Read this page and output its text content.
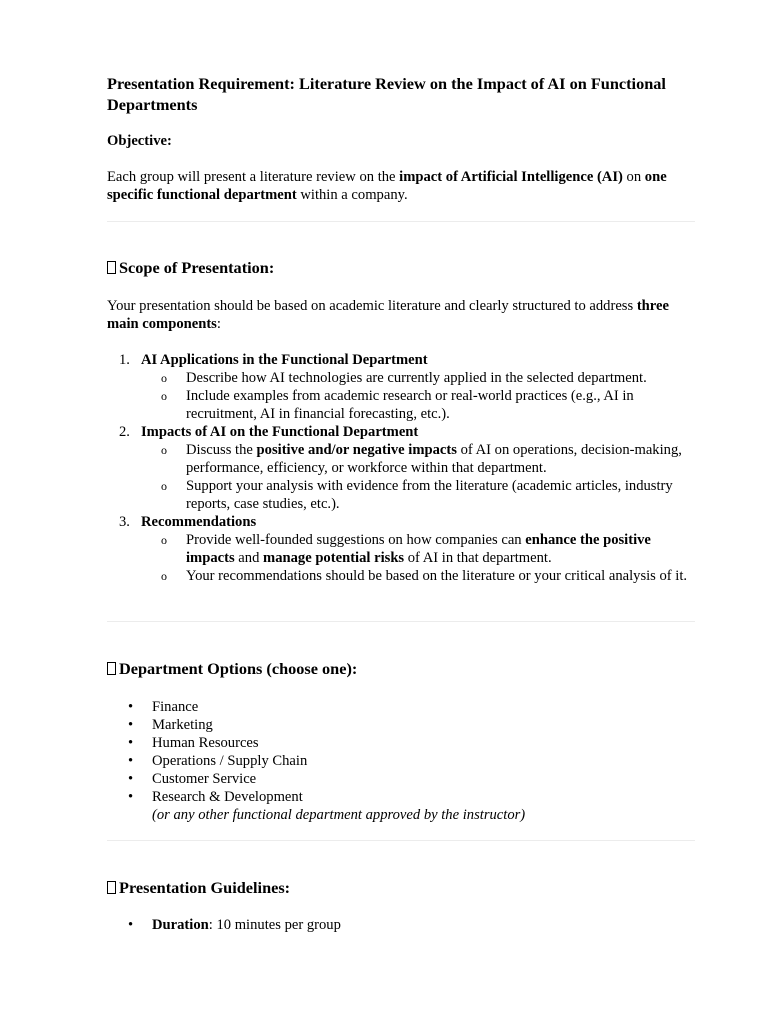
Presentation Requirement: Literature Review on the Impact of AI on Functional Departments

Objective:

Each group will present a literature review on the impact of Artificial Intelligence (AI) on one specific functional department within a company.

Scope of Presentation:

Your presentation should be based on academic literature and clearly structured to address three main components:

1. AI Applications in the Functional Department
o Describe how AI technologies are currently applied in the selected department.
o Include examples from academic research or real-world practices (e.g., AI in recruitment, AI in financial forecasting, etc.).
2. Impacts of AI on the Functional Department
o Discuss the positive and/or negative impacts of AI on operations, decision-making, performance, efficiency, or workforce within that department.
o Support your analysis with evidence from the literature (academic articles, industry reports, case studies, etc.).
3. Recommendations
o Provide well-founded suggestions on how companies can enhance the positive impacts and manage potential risks of AI in that department.
o Your recommendations should be based on the literature or your critical analysis of it.
Department Options (choose one):
• Finance
• Marketing
• Human Resources
• Operations / Supply Chain
• Customer Service
• Research & Development
(or any other functional department approved by the instructor)
Presentation Guidelines:
• Duration: 10 minutes per group
